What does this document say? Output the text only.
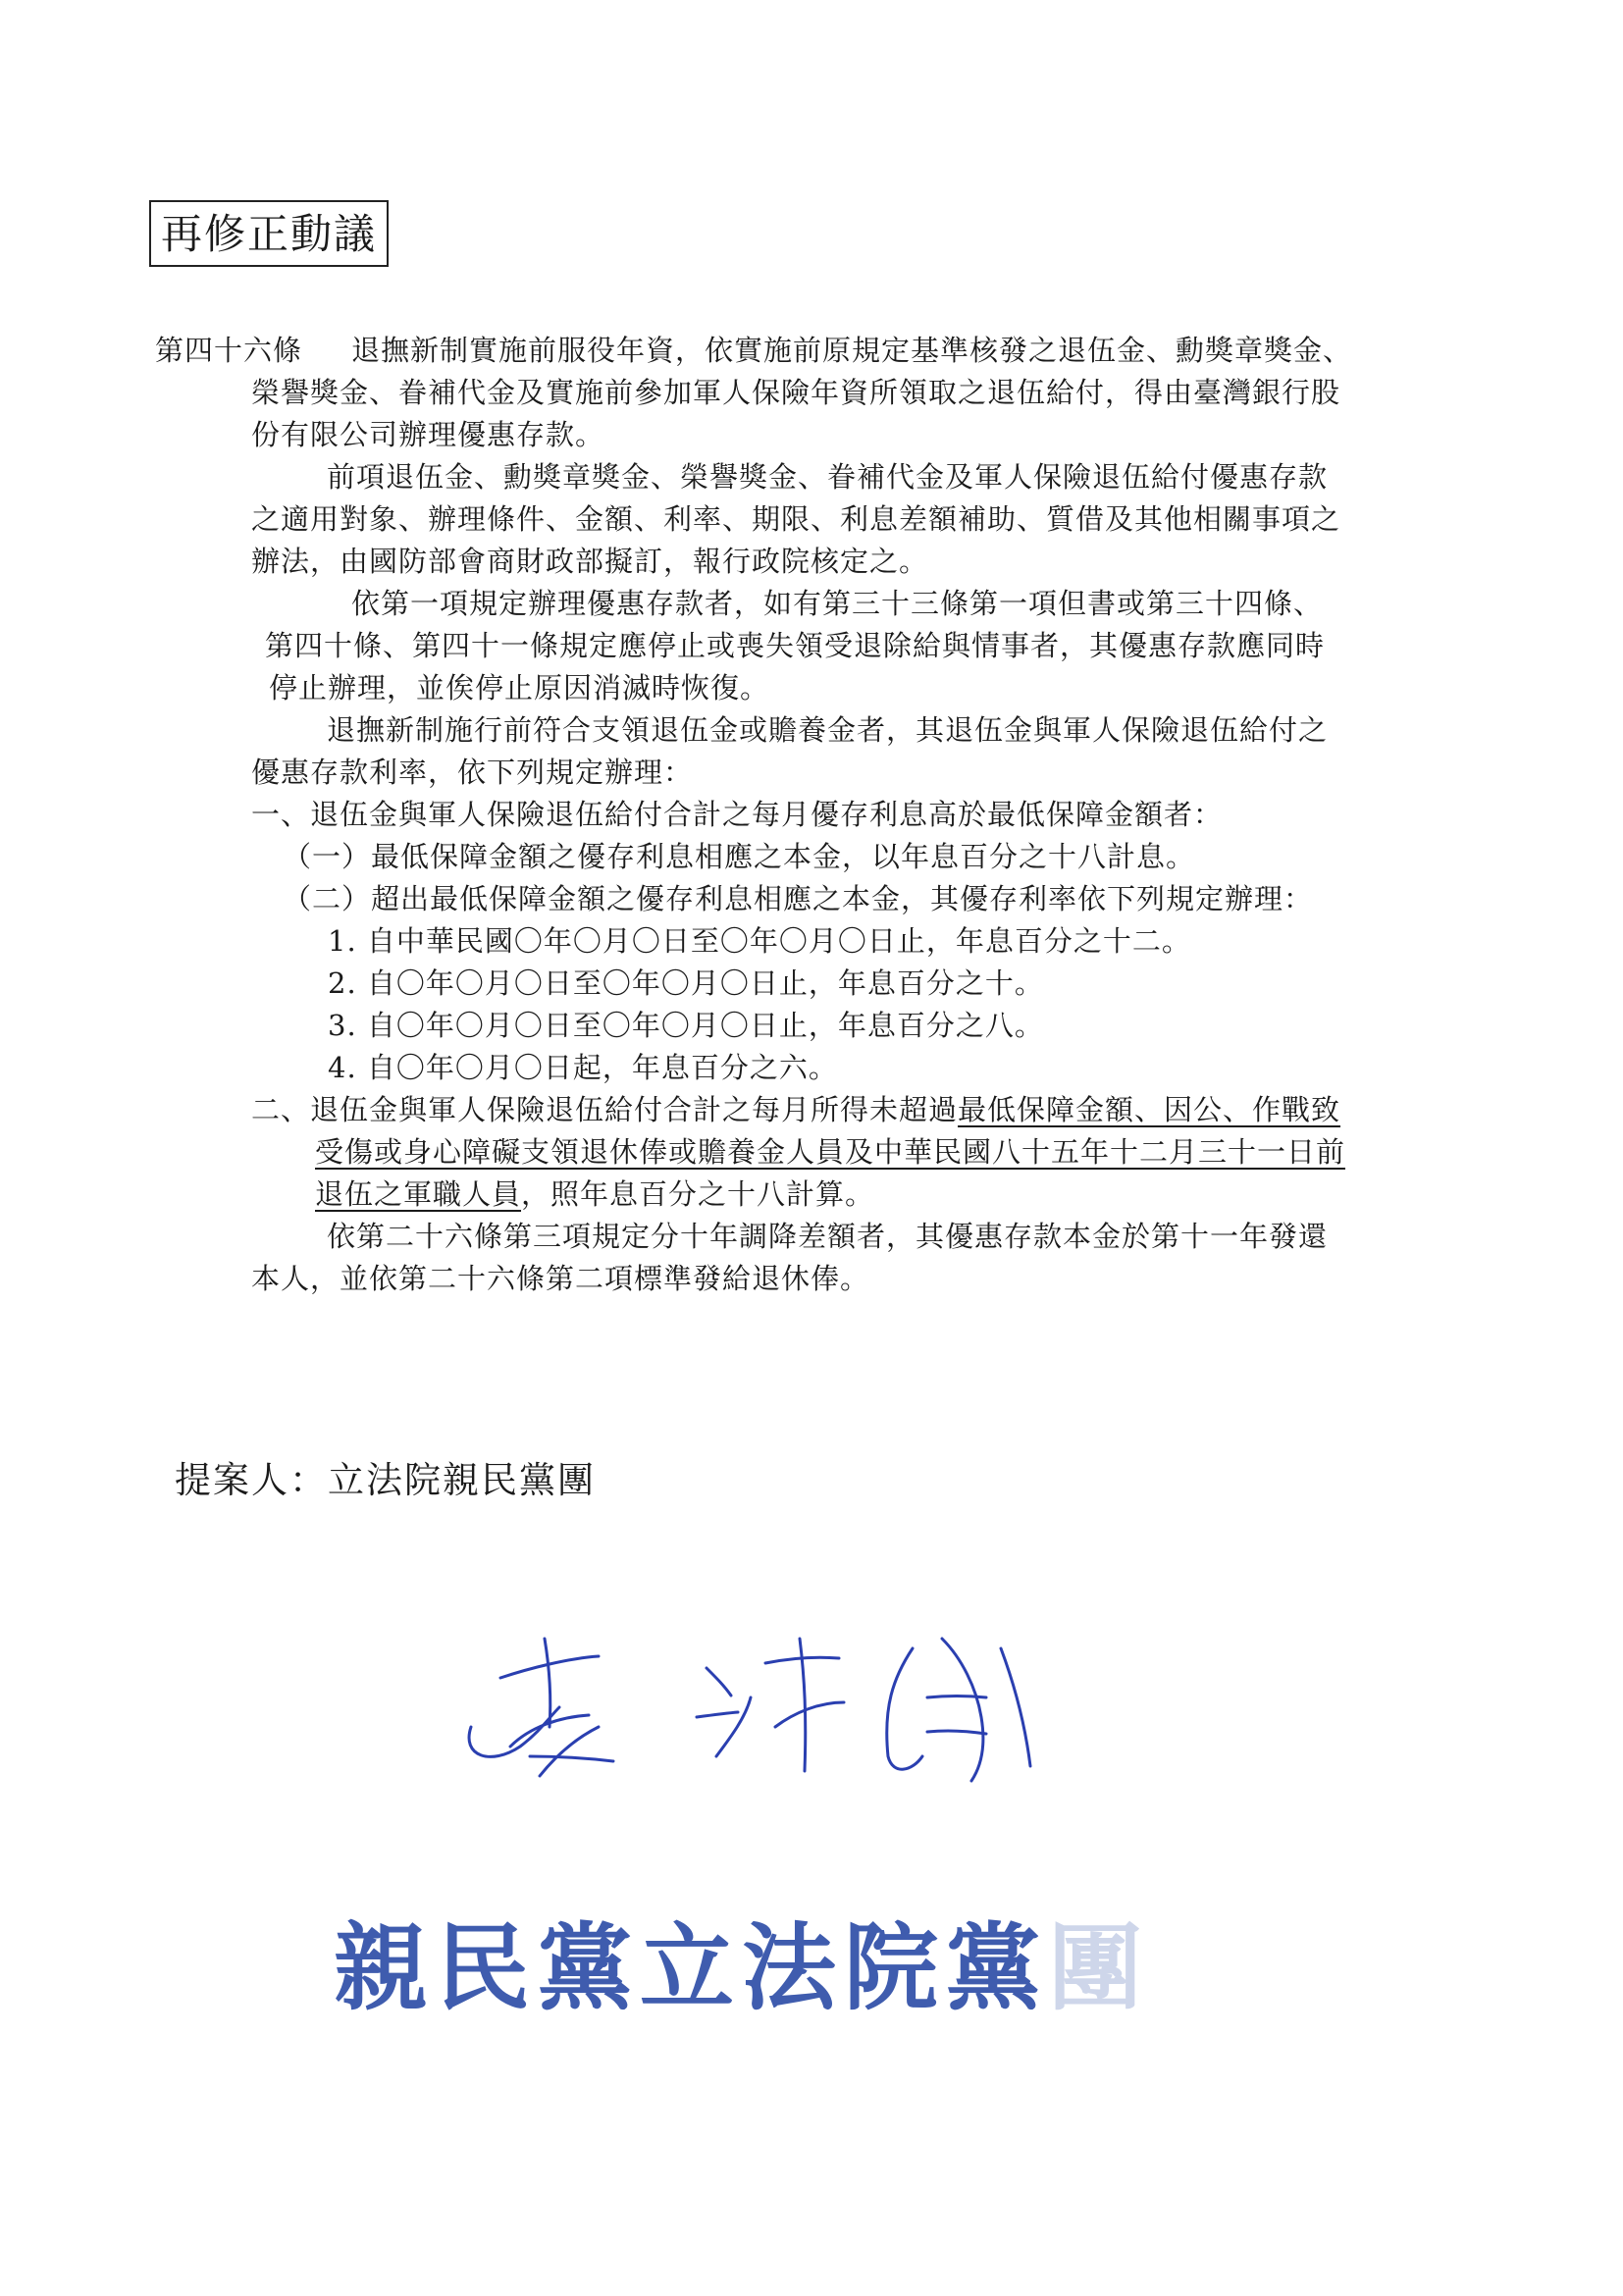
再修正動議
第四十六條 退撫新制實施前服役年資，依實施前原規定基準核發之退伍金、勳獎章獎金、
榮譽獎金、眷補代金及實施前參加軍人保險年資所領取之退伍給付，得由臺灣銀行股
份有限公司辦理優惠存款。
前項退伍金、勳獎章獎金、榮譽獎金、眷補代金及軍人保險退伍給付優惠存款
之適用對象、辦理條件、金額、利率、期限、利息差額補助、質借及其他相關事項之
辦法，由國防部會商財政部擬訂，報行政院核定之。
依第一項規定辦理優惠存款者，如有第三十三條第一項但書或第三十四條、
第四十條、第四十一條規定應停止或喪失領受退除給與情事者，其優惠存款應同時
停止辦理，並俟停止原因消滅時恢復。
退撫新制施行前符合支領退伍金或贍養金者，其退伍金與軍人保險退伍給付之
優惠存款利率，依下列規定辦理：
一、退伍金與軍人保險退伍給付合計之每月優存利息高於最低保障金額者：
（一）最低保障金額之優存利息相應之本金，以年息百分之十八計息。
（二）超出最低保障金額之優存利息相應之本金，其優存利率依下列規定辦理：
1. 自中華民國〇年〇月〇日至〇年〇月〇日止，年息百分之十二。
2. 自〇年〇月〇日至〇年〇月〇日止，年息百分之十。
3. 自〇年〇月〇日至〇年〇月〇日止，年息百分之八。
4. 自〇年〇月〇日起，年息百分之六。
二、退伍金與軍人保險退伍給付合計之每月所得未超過最低保障金額、因公、作戰致
受傷或身心障礙支領退休俸或贍養金人員及中華民國八十五年十二月三十一日前
退伍之軍職人員，照年息百分之十八計算。
依第二十六條第三項規定分十年調降差額者，其優惠存款本金於第十一年發還
本人，並依第二十六條第二項標準發給退休俸。
提案人：立法院親民黨團
親民黨立法院黨團
